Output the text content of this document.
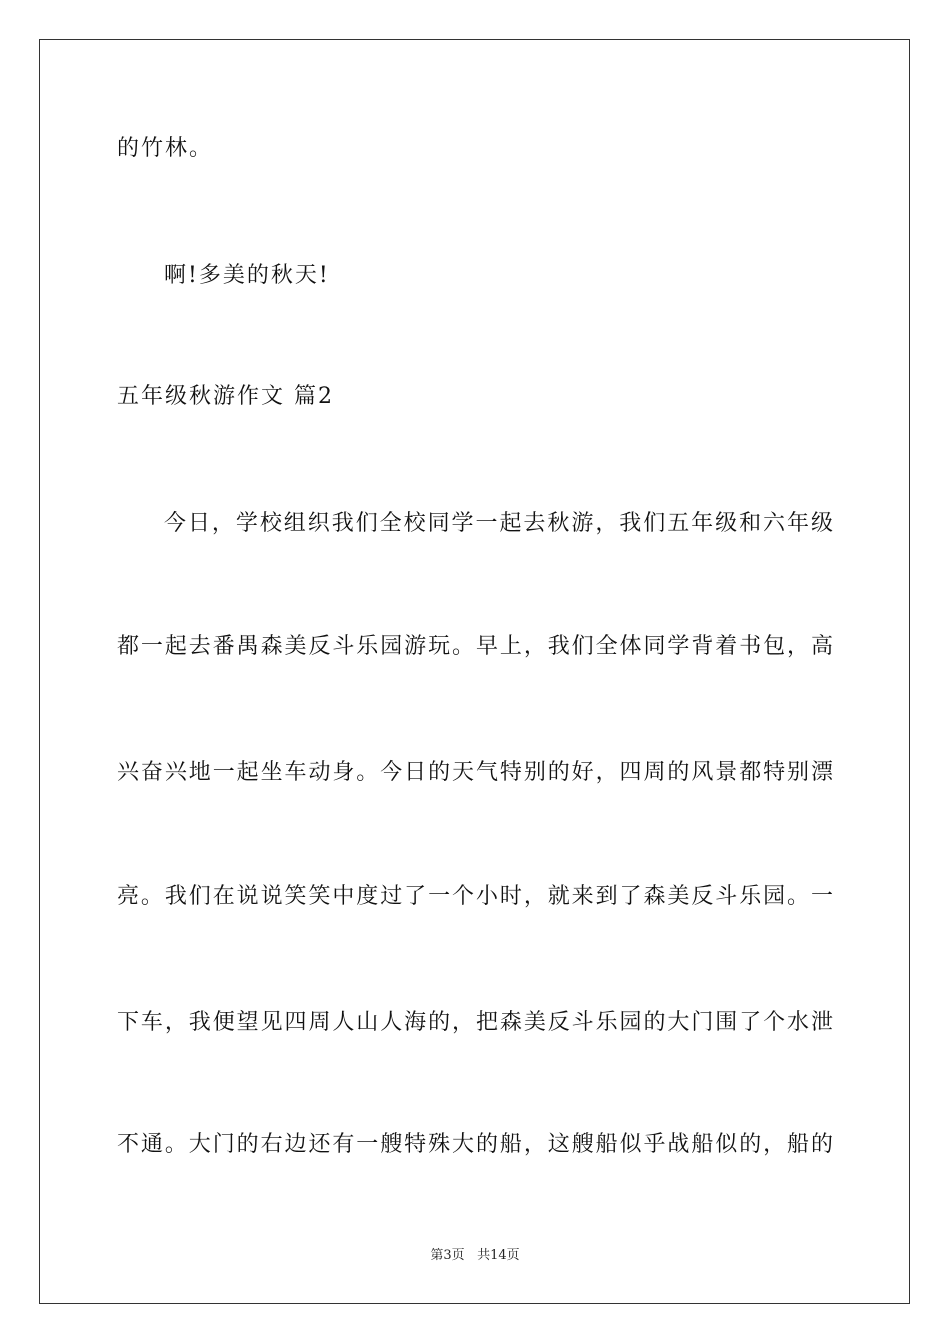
的竹林。
啊!多美的秋天!
五年级秋游作文 篇2
今日，学校组织我们全校同学一起去秋游，我们五年级和六年级
都一起去番禺森美反斗乐园游玩。早上，我们全体同学背着书包，高
兴奋兴地一起坐车动身。今日的天气特别的好，四周的风景都特别漂
亮。我们在说说笑笑中度过了一个小时，就来到了森美反斗乐园。一
下车，我便望见四周人山人海的，把森美反斗乐园的大门围了个水泄
不通。大门的右边还有一艘特殊大的船，这艘船似乎战船似的，船的
第3页 共14页
